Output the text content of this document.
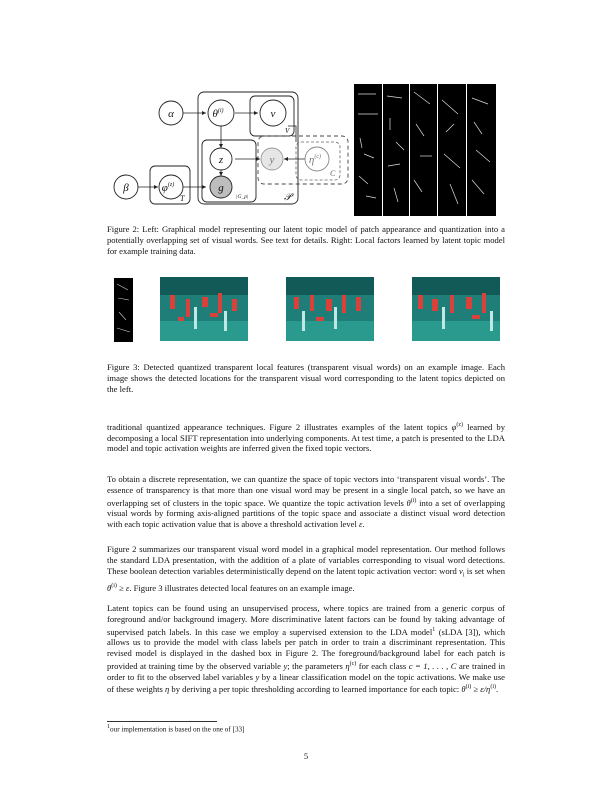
α	$\theta^{(i)}$	v
z	y	$\eta^{(c)}$
β	$\varphi^{(z)}$	g
V
|G_p|
C
T	𝒫
Figure 2: Left: Graphical model representing our latent topic model of patch appearance and quantization into a potentially overlapping set of visual words. See text for details. Right: Local factors learned by latent topic model for example training data.
Figure 3: Detected quantized transparent local features (transparent visual words) on an example image. Each image shows the detected locations for the transparent visual word corresponding to the latent topics depicted on the left.

traditional quantized appearance techniques. Figure 2 illustrates examples of the latent topics $\varphi^{(z)}$ learned by decomposing a local SIFT representation into underlying components. At test time, a patch is presented to the LDA model and topic activation weights are inferred given the fixed topic vectors.

To obtain a discrete representation, we can quantize the space of topic vectors into ‘transparent visual words’. The essence of transparency is that more than one visual word may be present in a single local patch, so we have an overlapping set of clusters in the topic space. We quantize the topic activation levels $\theta^{(i)}$ into a set of overlapping visual words by forming axis-aligned partitions of the topic space and associate a distinct visual word detection with each topic activation value that is above a threshold activation level ε.

Figure 2 summarizes our transparent visual word model in a graphical model representation. Our method follows the standard LDA presentation, with the addition of a plate of variables corresponding to visual word detections. These boolean detection variables deterministically depend on the latent topic activation vector: word $v_i$ is set when $\theta^{(i)} \ge \varepsilon$. Figure 3 illustrates detected local features on an example image.

Latent topics can be found using an unsupervised process, where topics are trained from a generic corpus of foreground and/or background imagery. More discriminative latent factors can be found by taking advantage of supervised patch labels. In this case we employ a supervised extension to the LDA model$^1$ (sLDA [3]), which allows us to provide the model with class labels per patch in order to train a discriminant representation. This revised model is displayed in the dashed box in Figure 2. The foreground/background label for each patch is provided at training time by the observed variable y; the parameters $\eta^{(c)}$ for each class c = 1, . . . , C are trained in order to fit to the observed label variables y by a linear classification model on the topic activations. We make use of these weights η by deriving a per topic thresholding according to learned importance for each topic: $\theta^{(i)} \ge \varepsilon/\eta^{(i)}$.

$^1$our implementation is based on the one of [33]
5
